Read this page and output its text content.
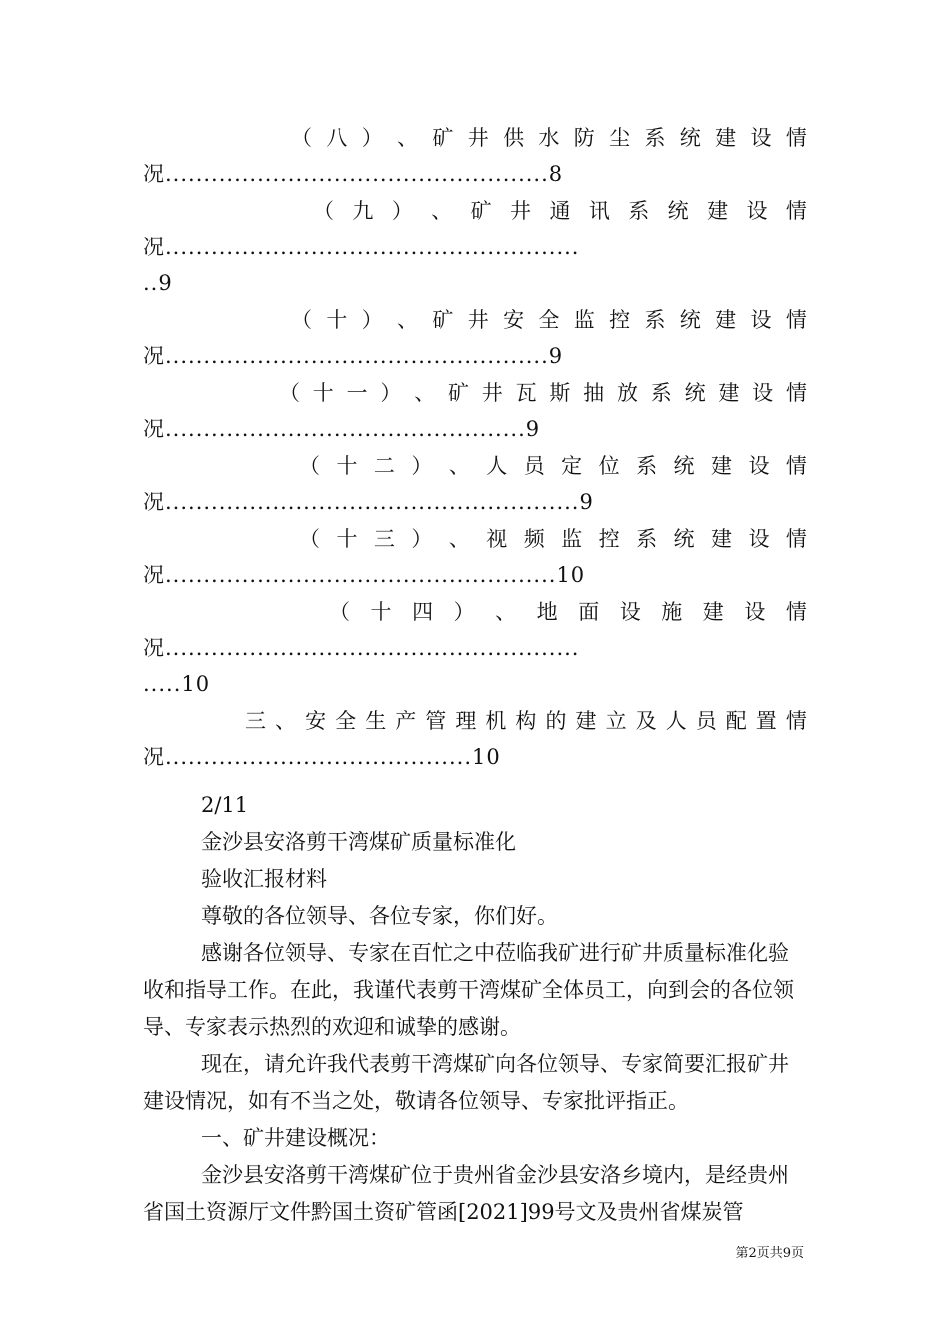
（ 八 ） 、 矿 井 供 水 防 尘 系 统 建 设 情
况..................................................8
（ 九 ） 、 矿 井 通 讯 系 统 建 设 情
况......................................................
..9
（ 十 ） 、 矿 井 安 全 监 控 系 统 建 设 情
况..................................................9
（ 十 一 ） 、 矿 井 瓦 斯 抽 放 系 统 建 设 情
况...............................................9
（ 十 二 ） 、 人 员 定 位 系 统 建 设 情
况......................................................9
（ 十 三 ） 、 视 频 监 控 系 统 建 设 情
况...................................................10
（ 十 四 ） 、 地 面 设 施 建 设 情
况......................................................
.....10
三 、 安 全 生 产 管 理 机 构 的 建 立 及 人 员 配 置 情
况........................................10

2/11

金沙县安洛剪干湾煤矿质量标准化

验收汇报材料

尊敬的各位领导、各位专家，你们好。

感谢各位领导、专家在百忙之中莅临我矿进行矿井质量标准化验收和指导工作。在此，我谨代表剪干湾煤矿全体员工，向到会的各位领导、专家表示热烈的欢迎和诚挚的感谢。

现在，请允许我代表剪干湾煤矿向各位领导、专家简要汇报矿井建设情况，如有不当之处，敬请各位领导、专家批评指正。

一、矿井建设概况：

金沙县安洛剪干湾煤矿位于贵州省金沙县安洛乡境内，是经贵州省国土资源厅文件黔国土资矿管函[2021]99号文及贵州省煤炭管

第2页共9页
